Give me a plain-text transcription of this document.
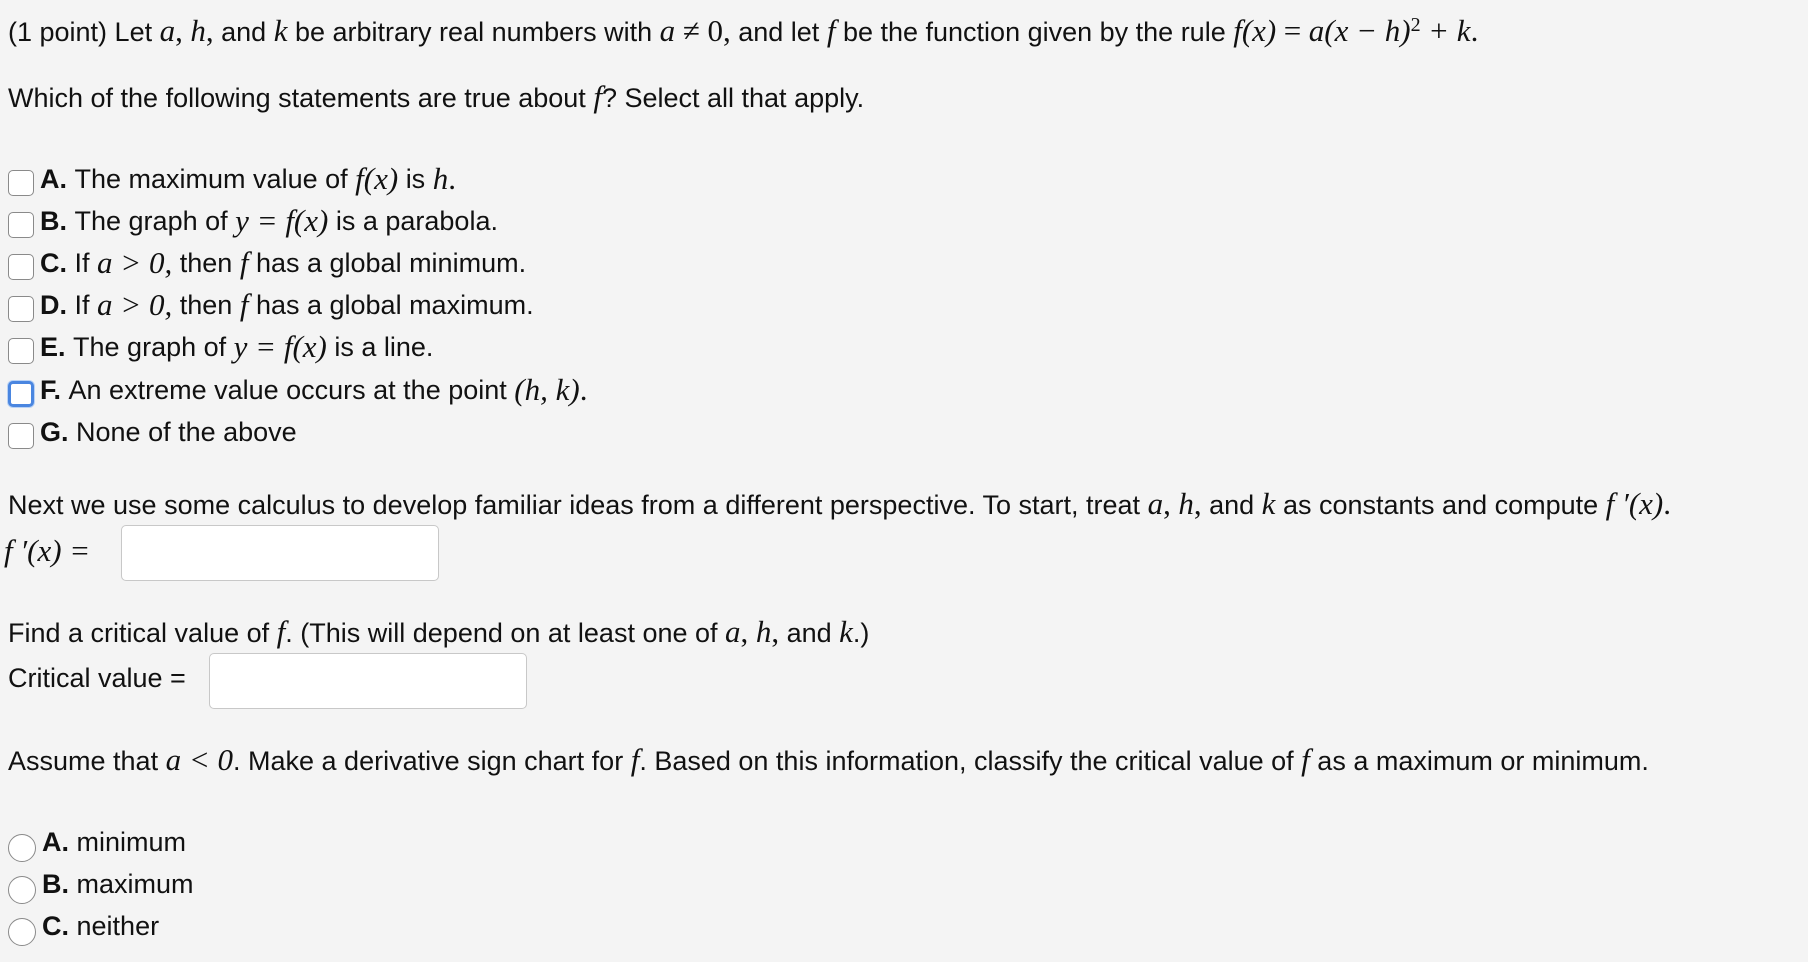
(1 point) Let a, h, and k be arbitrary real numbers with a ≠ 0, and let f be the function given by the rule $f(x) = a(x - h)^2 + k$.
Which of the following statements are true about f? Select all that apply.
A.
The maximum value of
f(x)
is
h .
B.
The graph of
y = f(x)
is a parabola.
C.
If
a > 0,
then
f
has a global minimum.
D.
If
a > 0,
then
f
has a global maximum.
E.
The graph of
y = f(x)
is a line.
F.
An extreme value occurs at the point
(h, k) .
G.
None of the above
Next we use some calculus to develop familiar ideas from a different perspective. To start, treat a, h, and k as constants and compute f ′(x).
f ′(x) =
Find a critical value of f. (This will depend on at least one of a, h, and k.)
Critical value =
Assume that a < 0. Make a derivative sign chart for f. Based on this information, classify the critical value of f as a maximum or minimum.
A.
minimum
B.
maximum
C.
neither
